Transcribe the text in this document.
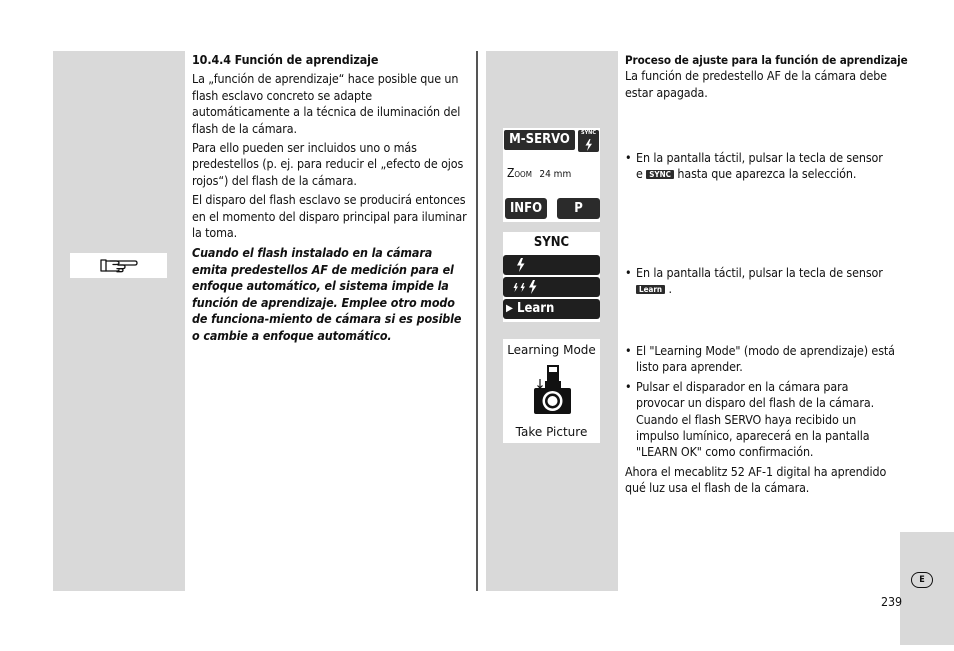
10.4.4 Función de aprendizaje

La „función de aprendizaje“ hace posible que un flash esclavo concreto se adapte automáticamente a la técnica de iluminación del flash de la cámara.

Para ello pueden ser incluidos uno o más predestellos (p. ej. para reducir el „efecto de ojos rojos“) del flash de la cámara.

El disparo del flash esclavo se producirá entonces en el momento del disparo principal para iluminar la toma.

Cuando el flash instalado en la cámara emita predestellos AF de medición para el enfoque automático, el sistema impide la función de aprendizaje. Emplee otro modo de funciona-miento de cámara si es posible o cambie a enfoque automático.

Proceso de ajuste para la función de aprendizaje

La función de predestello AF de la cámara debe estar apagada.

• En la pantalla táctil, pulsar la tecla de sensor e SYNC hasta que aparezca la selección.

• En la pantalla táctil, pulsar la tecla de sensor Learn .

• El "Learning Mode" (modo de aprendizaje) está listo para aprender.

• Pulsar el disparador en la cámara para provocar un disparo del flash de la cámara. Cuando el flash SERVO haya recibido un impulso lumínico, aparecerá en la pantalla "LEARN OK" como confirmación.

Ahora el mecablitz 52 AF-1 digital ha aprendido qué luz usa el flash de la cámara.

M-SERVO	SYNC
Zoom 24 mm
INFO	P
SYNC
▶ Learn
Learning Mode
Take Picture
E
239
